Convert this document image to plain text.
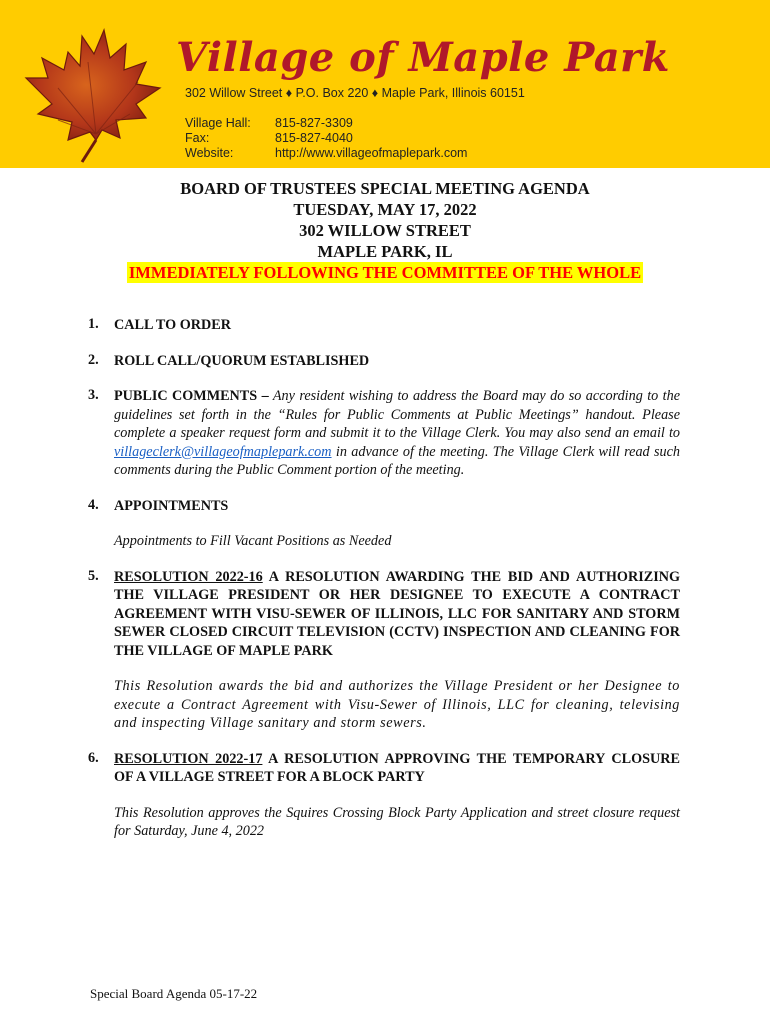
Village of Maple Park
302 Willow Street ♦ P.O. Box 220 ♦ Maple Park, Illinois 60151
Village Hall:	815-827-3309
Fax:	815-827-4040
Website:	http://www.villageofmaplepark.com
BOARD OF TRUSTEES SPECIAL MEETING AGENDA
TUESDAY, MAY 17, 2022
302 WILLOW STREET
MAPLE PARK, IL
IMMEDIATELY FOLLOWING THE COMMITTEE OF THE WHOLE
1. CALL TO ORDER
2. ROLL CALL/QUORUM ESTABLISHED
3. PUBLIC COMMENTS – Any resident wishing to address the Board may do so according to the guidelines set forth in the “Rules for Public Comments at Public Meetings” handout. Please complete a speaker request form and submit it to the Village Clerk. You may also send an email to villageclerk@villageofmaplepark.com in advance of the meeting. The Village Clerk will read such comments during the Public Comment portion of the meeting.
4. APPOINTMENTS
Appointments to Fill Vacant Positions as Needed
5. RESOLUTION 2022-16 A RESOLUTION AWARDING THE BID AND AUTHORIZING THE VILLAGE PRESIDENT OR HER DESIGNEE TO EXECUTE A CONTRACT AGREEMENT WITH VISU-SEWER OF ILLINOIS, LLC FOR SANITARY AND STORM SEWER CLOSED CIRCUIT TELEVISION (CCTV) INSPECTION AND CLEANING FOR THE VILLAGE OF MAPLE PARK
This Resolution awards the bid and authorizes the Village President or her Designee to execute a Contract Agreement with Visu-Sewer of Illinois, LLC for cleaning, televising and inspecting Village sanitary and storm sewers.
6. RESOLUTION 2022-17 A RESOLUTION APPROVING THE TEMPORARY CLOSURE OF A VILLAGE STREET FOR A BLOCK PARTY
This Resolution approves the Squires Crossing Block Party Application and street closure request for Saturday, June 4, 2022
Special Board Agenda 05-17-22
